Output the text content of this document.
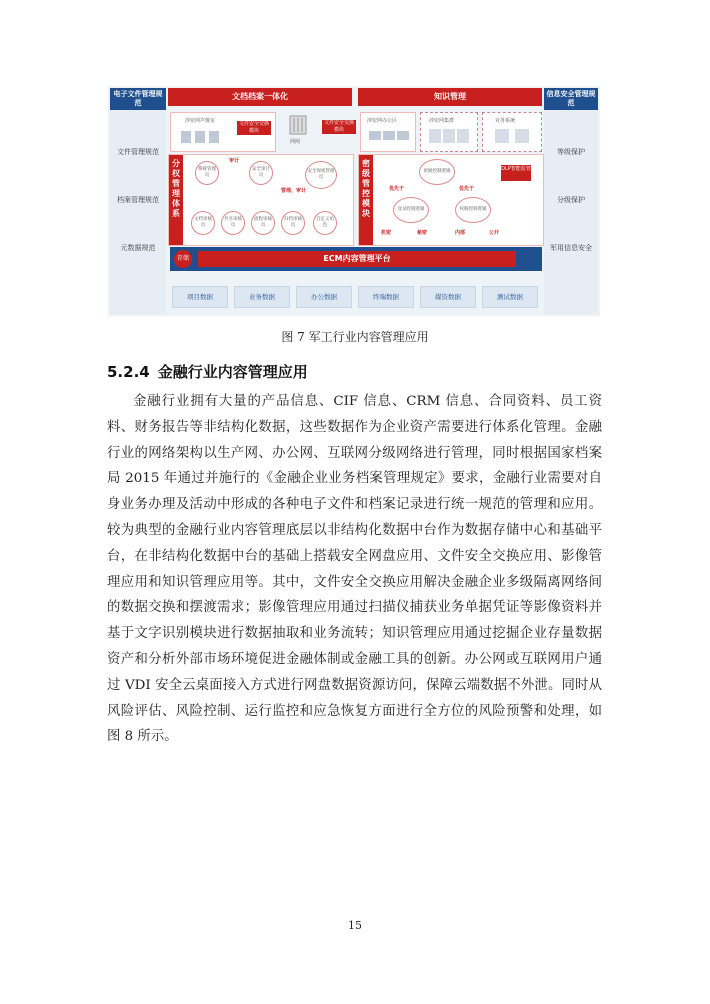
电子文件管理规范
文件管理规范
档案管理规范
元数据规范
信息安全管理规范
等级保护
分级保护
军用信息安全
文档档案一体化	知识管理
涉密网声像室	文件安全交换模块
网闸
文件安全交换模块
涉密网办公区	涉密网集群	业务系统
分权管理体系
系统管理员
安全审计员
安全保密管理员
审计
管理、审计
文档审核员
共享审核员
流程审核员
归档审核员
自定义角色
密级管控模块
密级控制逻辑	DLP智能监管
优先于	优先于
登录控制逻辑	权限控制逻辑
机密	秘密	内部	公开
存储	ECM内容管理平台
项目数据	业务数据	办公数据	终端数据	媒资数据	测试数据
图 7 军工行业内容管理应用
5.2.4 金融行业内容管理应用

金融行业拥有大量的产品信息、CIF 信息、CRM 信息、合同资料、员工资料、财务报告等非结构化数据，这些数据作为企业资产需要进行体系化管理。金融行业的网络架构以生产网、办公网、互联网分级网络进行管理，同时根据国家档案局 2015 年通过并施行的《金融企业业务档案管理规定》要求，金融行业需要对自身业务办理及活动中形成的各种电子文件和档案记录进行统一规范的管理和应用。较为典型的金融行业内容管理底层以非结构化数据中台作为数据存储中心和基础平台，在非结构化数据中台的基础上搭载安全网盘应用、文件安全交换应用、影像管理应用和知识管理应用等。其中，文件安全交换应用解决金融企业多级隔离网络间的数据交换和摆渡需求；影像管理应用通过扫描仪捕获业务单据凭证等影像资料并基于文字识别模块进行数据抽取和业务流转；知识管理应用通过挖掘企业存量数据资产和分析外部市场环境促进金融体制或金融工具的创新。办公网或互联网用户通过 VDI 安全云桌面接入方式进行网盘数据资源访问，保障云端数据不外泄。同时从风险评估、风险控制、运行监控和应急恢复方面进行全方位的风险预警和处理，如图 8 所示。

15
